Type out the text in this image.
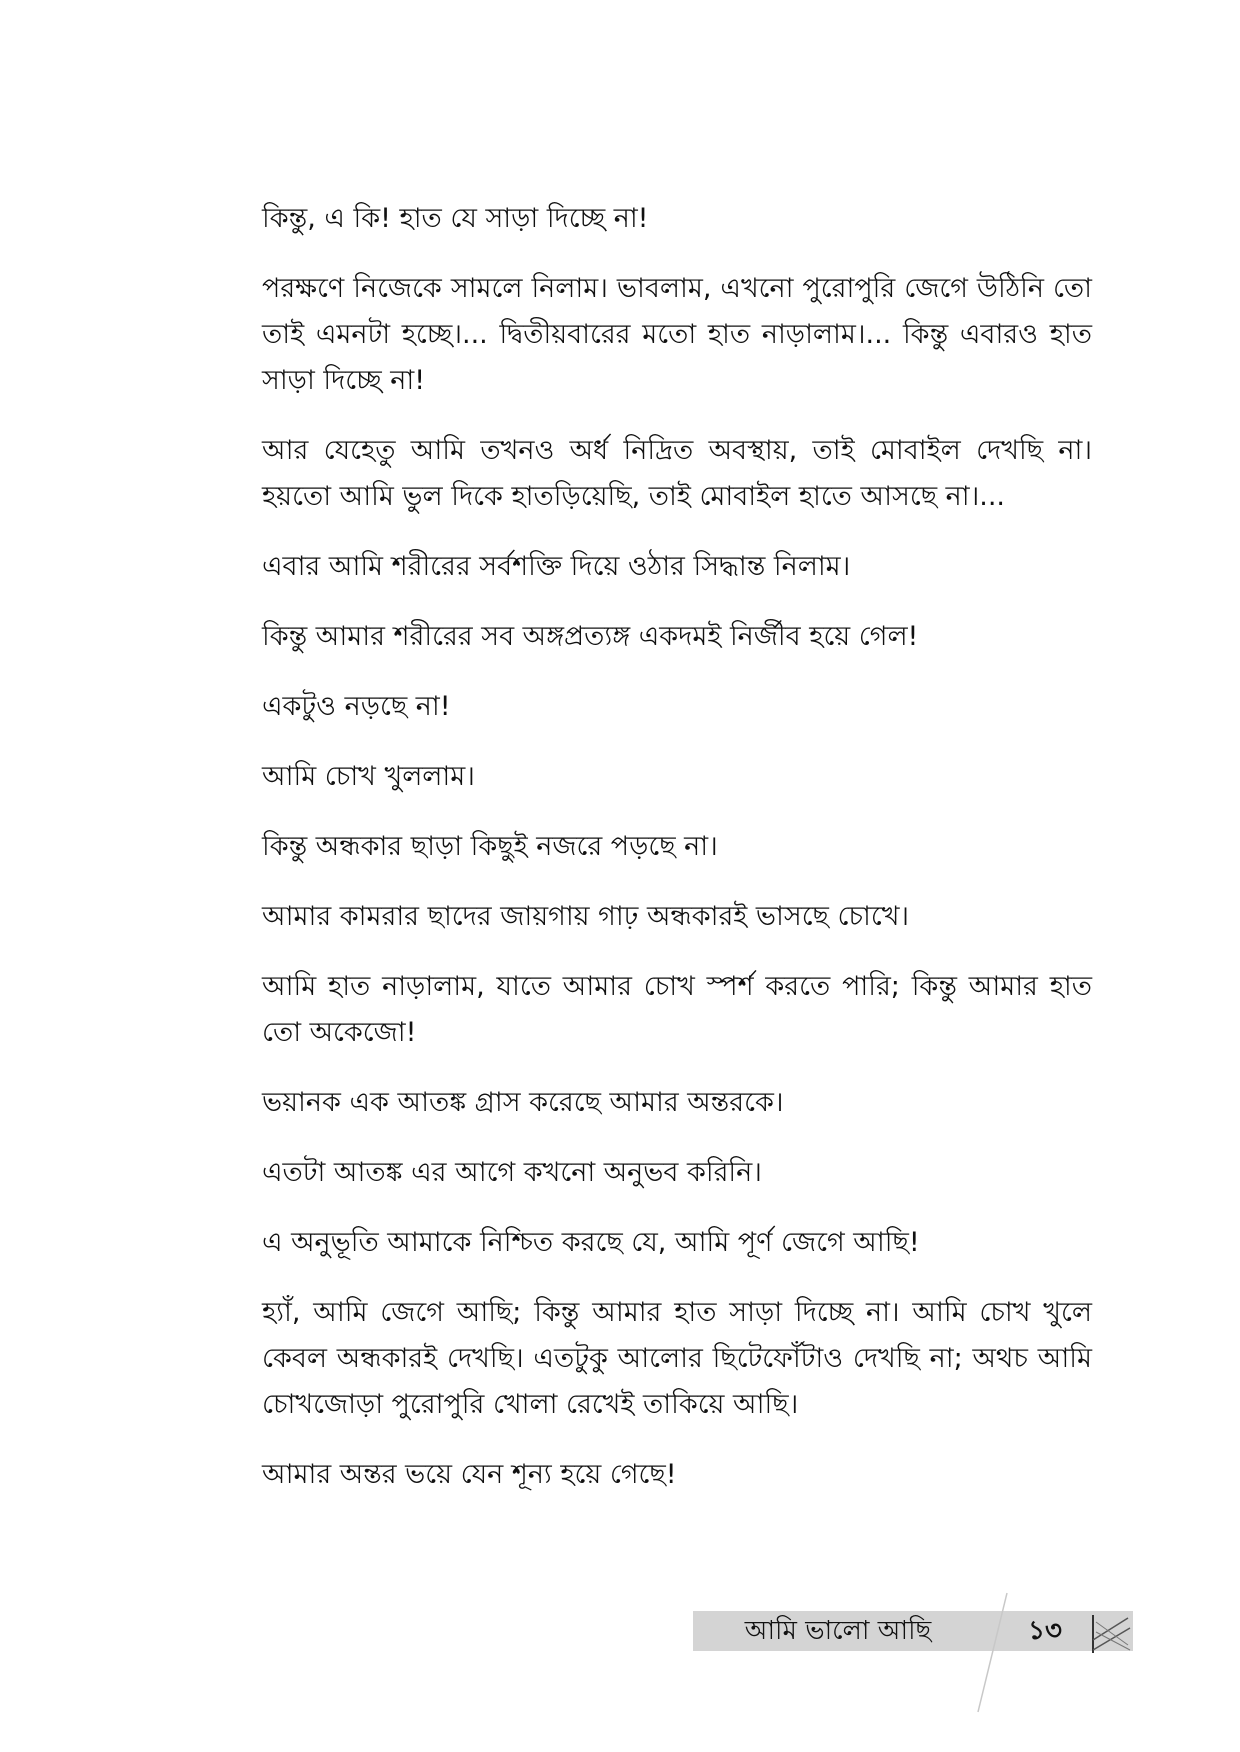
কিন্তু, এ কি! হাত যে সাড়া দিচ্ছে না!

পরক্ষণে নিজেকে সামলে নিলাম। ভাবলাম, এখনো পুরোপুরি জেগে উঠিনি তো তাই এমনটা হচ্ছে।... দ্বিতীয়বারের মতো হাত নাড়ালাম।... কিন্তু এবারও হাত সাড়া দিচ্ছে না!

আর যেহেতু আমি তখনও অর্ধ নিদ্রিত অবস্থায়, তাই মোবাইল দেখছি না। হয়তো আমি ভুল দিকে হাতড়িয়েছি, তাই মোবাইল হাতে আসছে না।...

এবার আমি শরীরের সর্বশক্তি দিয়ে ওঠার সিদ্ধান্ত নিলাম।

কিন্তু আমার শরীরের সব অঙ্গপ্রত্যঙ্গ একদমই নির্জীব হয়ে গেল!

একটুও নড়ছে না!

আমি চোখ খুললাম।

কিন্তু অন্ধকার ছাড়া কিছুই নজরে পড়ছে না।

আমার কামরার ছাদের জায়গায় গাঢ় অন্ধকারই ভাসছে চোখে।

আমি হাত নাড়ালাম, যাতে আমার চোখ স্পর্শ করতে পারি; কিন্তু আমার হাত তো অকেজো!

ভয়ানক এক আতঙ্ক গ্রাস করেছে আমার অন্তরকে।

এতটা আতঙ্ক এর আগে কখনো অনুভব করিনি।

এ অনুভূতি আমাকে নিশ্চিত করছে যে, আমি পূর্ণ জেগে আছি!

হ্যাঁ, আমি জেগে আছি; কিন্তু আমার হাত সাড়া দিচ্ছে না। আমি চোখ খুলে কেবল অন্ধকারই দেখছি। এতটুকু আলোর ছিটেফোঁটাও দেখছি না; অথচ আমি চোখজোড়া পুরোপুরি খোলা রেখেই তাকিয়ে আছি।

আমার অন্তর ভয়ে যেন শূন্য হয়ে গেছে!

আমি ভালো আছি	১৩
